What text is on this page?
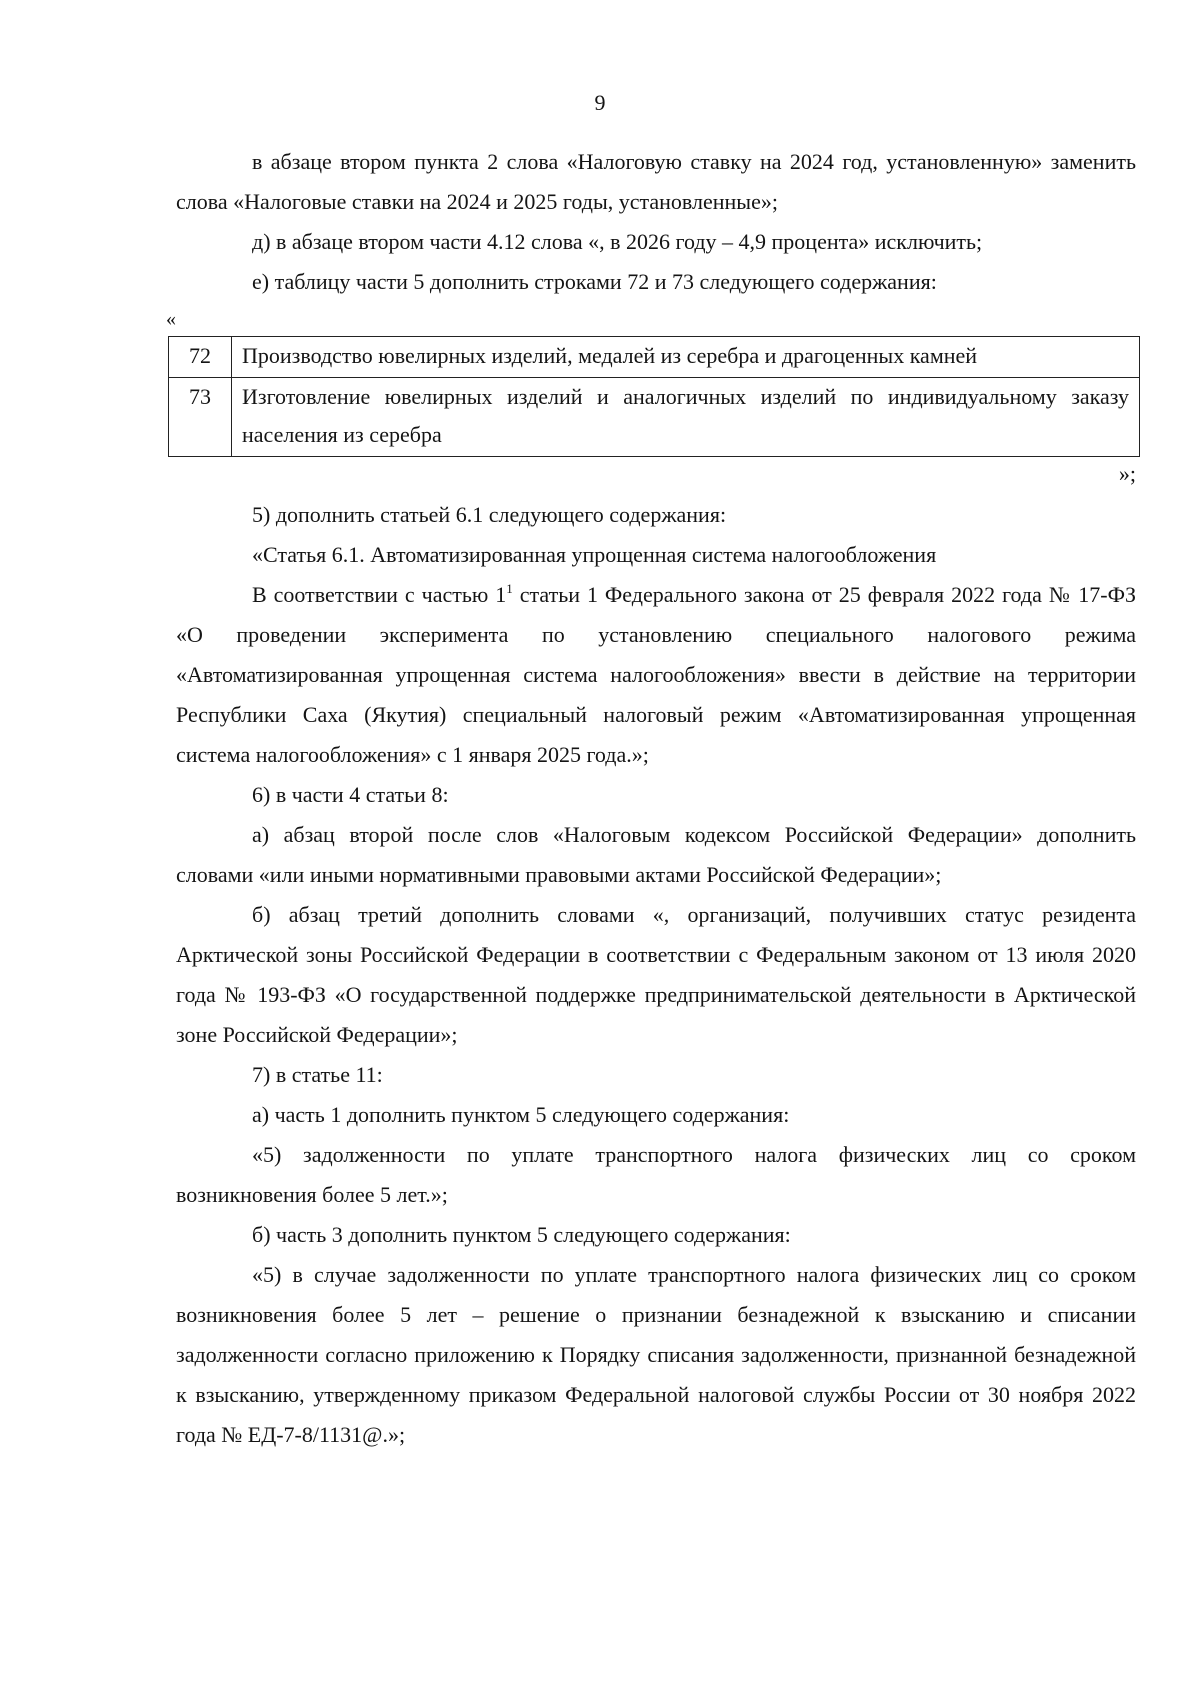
9

в абзаце втором пункта 2 слова «Налоговую ставку на 2024 год, установленную» заменить слова «Налоговые ставки на 2024 и 2025 годы, установленные»;

д) в абзаце втором части 4.12 слова «, в 2026 году – 4,9 процента» исключить;

е) таблицу части 5 дополнить строками 72 и 73 следующего содержания:

«
72	Производство ювелирных изделий, медалей из серебра и драгоценных камней
73	Изготовление ювелирных изделий и аналогичных изделий по индивидуальному заказу населения из серебра
»;

5) дополнить статьей 6.1 следующего содержания:

«Статья 6.1. Автоматизированная упрощенная система налогообложения

В соответствии с частью $1^1$ статьи 1 Федерального закона от 25 февраля 2022 года № 17-ФЗ «О проведении эксперимента по установлению специального налогового режима «Автоматизированная упрощенная система налогообложения» ввести в действие на территории Республики Саха (Якутия) специальный налоговый режим «Автоматизированная упрощенная система налогообложения» с 1 января 2025 года.»;

6) в части 4 статьи 8:

а) абзац второй после слов «Налоговым кодексом Российской Федерации» дополнить словами «или иными нормативными правовыми актами Российской Федерации»;

б) абзац третий дополнить словами «, организаций, получивших статус резидента Арктической зоны Российской Федерации в соответствии с Федеральным законом от 13 июля 2020 года № 193-ФЗ «О государственной поддержке предпринимательской деятельности в Арктической зоне Российской Федерации»;

7) в статье 11:

а) часть 1 дополнить пунктом 5 следующего содержания:

«5) задолженности по уплате транспортного налога физических лиц со сроком возникновения более 5 лет.»;

б) часть 3 дополнить пунктом 5 следующего содержания:

«5) в случае задолженности по уплате транспортного налога физических лиц со сроком возникновения более 5 лет – решение о признании безнадежной к взысканию и списании задолженности согласно приложению к Порядку списания задолженности, признанной безнадежной к взысканию, утвержденному приказом Федеральной налоговой службы России от 30 ноября 2022 года № ЕД-7-8/1131@.»;
